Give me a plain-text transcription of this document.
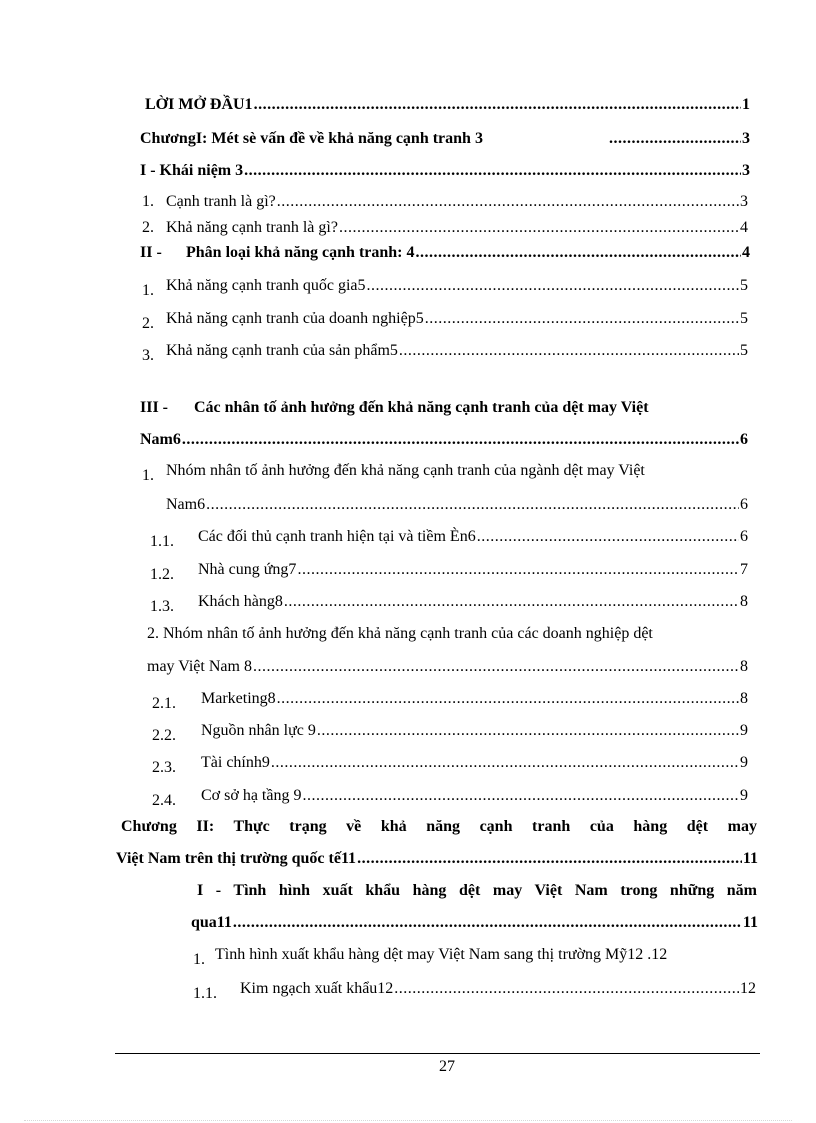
LỜI MỞ ĐẦU1 .....	1
ChươngI: Mét sè vấn đề về khả năng cạnh tranh 3 .....	3
I - Khái niệm 3 .....	3
1. Cạnh tranh là gì? .....	3
2. Khả năng cạnh tranh là gì? .....	4
II -	Phân loại khả năng cạnh tranh: 4 .....	4
1. Khả năng cạnh tranh quốc gia5 .....	5
2. Khả năng cạnh tranh của doanh nghiệp5 .....	5
3. Khả năng cạnh tranh của sản phẩm5 .....	5
III - Các nhân tố ảnh hưởng đến khả năng cạnh tranh của dệt may Việt
Nam6 .....	6
1. Nhóm nhân tố ảnh hưởng đến khả năng cạnh tranh của ngành dệt may Việt
Nam6 .....	6
1.1.	Các đối thủ cạnh tranh hiện tại và tiềm Èn6 .....	6
1.2.	Nhà cung ứng7 .....	7
1.3.	Khách hàng8 .....	8
2. Nhóm nhân tố ảnh hưởng đến khả năng cạnh tranh của các doanh nghiệp dệt
may Việt Nam 8 .....	8
2.1.	Marketing8 .....	8
2.2.	Nguồn nhân lực 9 .....	9
2.3.	Tài chính9 .....	9
2.4.	Cơ sở hạ tầng 9 .....	9
Chương II: Thực trạng về khả năng cạnh tranh của hàng dệt may
Việt Nam trên thị trường quốc tế11 .....	11
I - Tình hình xuất khẩu hàng dệt may Việt Nam trong những năm
qua11 .....	11
1. Tình hình xuất khẩu hàng dệt may Việt Nam sang thị trường Mỹ12 .12
1.1.	Kim ngạch xuất khẩu12 .....	12
27
